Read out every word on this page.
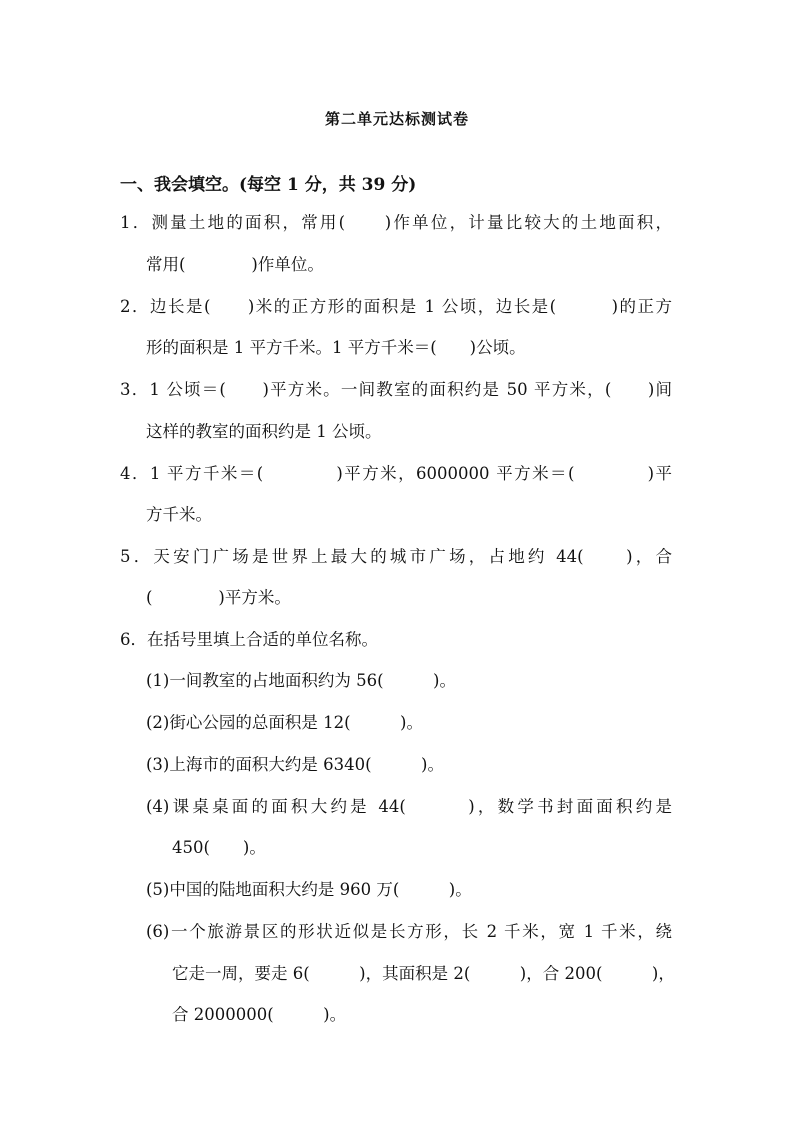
第二单元达标测试卷
一、我会填空。(每空 1 分，共 39 分)
1．测量土地的面积，常用(　　)作单位，计量比较大的土地面积，
常用(　　　　)作单位。
2．边长是(　　)米的正方形的面积是 1 公顷，边长是(　　　)的正方
形的面积是 1 平方千米。1 平方千米＝(　　)公顷。
3．1 公顷＝(　　)平方米。一间教室的面积约是 50 平方米，(　　)间
这样的教室的面积约是 1 公顷。
4．1 平方千米＝(　　　　)平方米，6000000 平方米＝(　　　　)平
方千米。
5．天安门广场是世界上最大的城市广场，占地约 44(　　)，合
(　　　　)平方米。
6．在括号里填上合适的单位名称。
(1)一间教室的占地面积约为 56(　　　)。
(2)街心公园的总面积是 12(　　　)。
(3)上海市的面积大约是 6340(　　　)。
(4)课桌桌面的面积大约是 44(　　　)，数学书封面面积约是
450(　　)。
(5)中国的陆地面积大约是 960 万(　　　)。
(6)一个旅游景区的形状近似是长方形，长 2 千米，宽 1 千米，绕
它走一周，要走 6(　　　)，其面积是 2(　　　)，合 200(　　　)，
合 2000000(　　　)。
